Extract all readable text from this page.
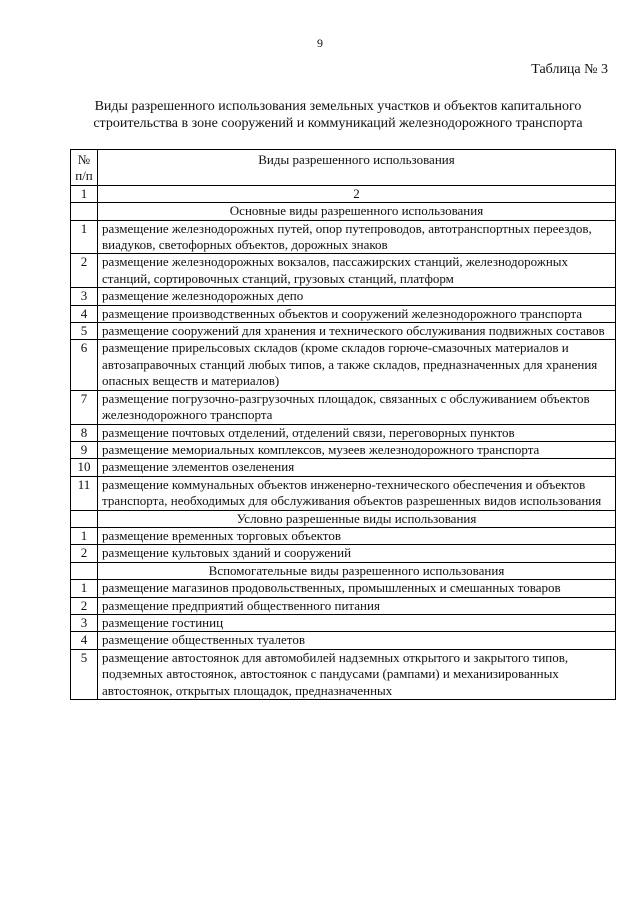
9
Таблица № 3
Виды разрешенного использования земельных участков и объектов капитального
строительства в зоне сооружений и коммуникаций железнодорожного транспорта
№
п/п	Виды разрешенного использования
1	2
	Основные виды разрешенного использования
1	размещение железнодорожных путей, опор путепроводов, автотранспортных переездов, виадуков, светофорных объектов, дорожных знаков
2	размещение железнодорожных вокзалов, пассажирских станций, железнодорожных станций, сортировочных станций, грузовых станций, платформ
3	размещение железнодорожных депо
4	размещение производственных объектов и сооружений железнодорожного транспорта
5	размещение сооружений для хранения и технического обслуживания подвижных составов
6	размещение прирельсовых складов (кроме складов горюче-смазочных материалов и автозаправочных станций любых типов, а также складов, предназначенных для хранения опасных веществ и материалов)
7	размещение погрузочно-разгрузочных площадок, связанных с обслуживанием объектов железнодорожного транспорта
8	размещение почтовых отделений, отделений связи, переговорных пунктов
9	размещение мемориальных комплексов, музеев железнодорожного транспорта
10	размещение элементов озеленения
11	размещение коммунальных объектов инженерно-технического обеспечения и объектов транспорта, необходимых для обслуживания объектов разрешенных видов использования
	Условно разрешенные виды использования
1	размещение временных торговых объектов
2	размещение культовых зданий и сооружений
	Вспомогательные виды разрешенного использования
1	размещение магазинов продовольственных, промышленных и смешанных товаров
2	размещение предприятий общественного питания
3	размещение гостиниц
4	размещение общественных туалетов
5	размещение автостоянок для автомобилей надземных открытого и закрытого типов, подземных автостоянок, автостоянок с пандусами (рампами) и механизированных автостоянок, открытых площадок, предназначенных
